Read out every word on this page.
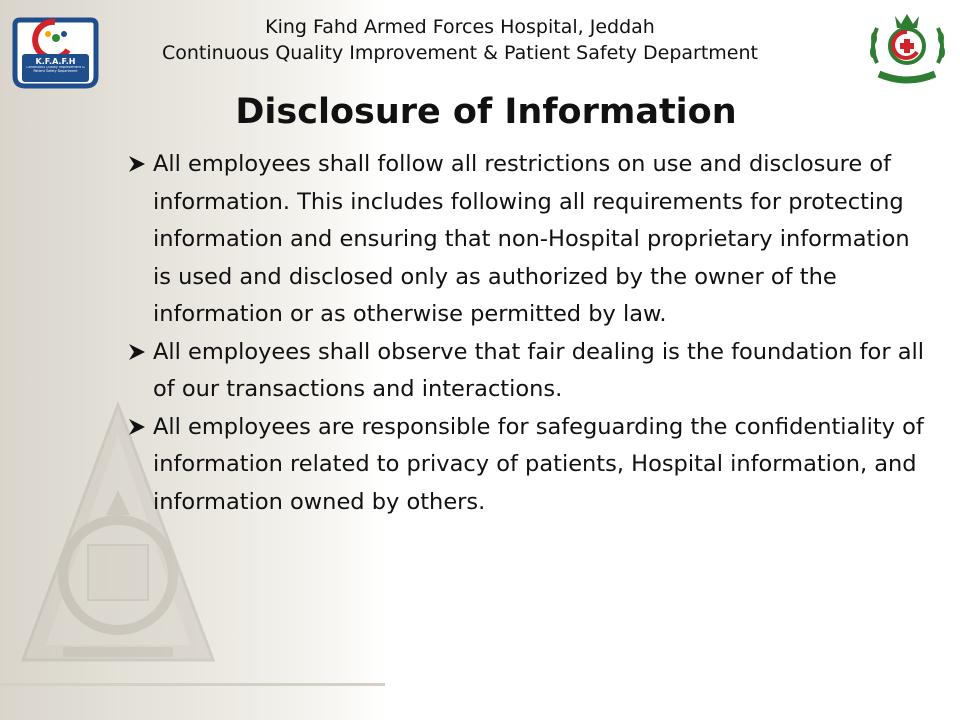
K.F.A.F.H
Continuous Quality Improvement & Patient Safety Department
King Fahd Armed Forces Hospital, Jeddah
Continuous Quality Improvement & Patient Safety Department
Disclosure of Information
All employees shall follow all restrictions on use and disclosure of information. This includes following all requirements for protecting information and ensuring that non-Hospital proprietary information is used and disclosed only as authorized by the owner of the information or as otherwise permitted by law.
All employees shall observe that fair dealing is the foundation for all of our transactions and interactions.
All employees are responsible for safeguarding the confidentiality of information related to privacy of patients, Hospital information, and information owned by others.
